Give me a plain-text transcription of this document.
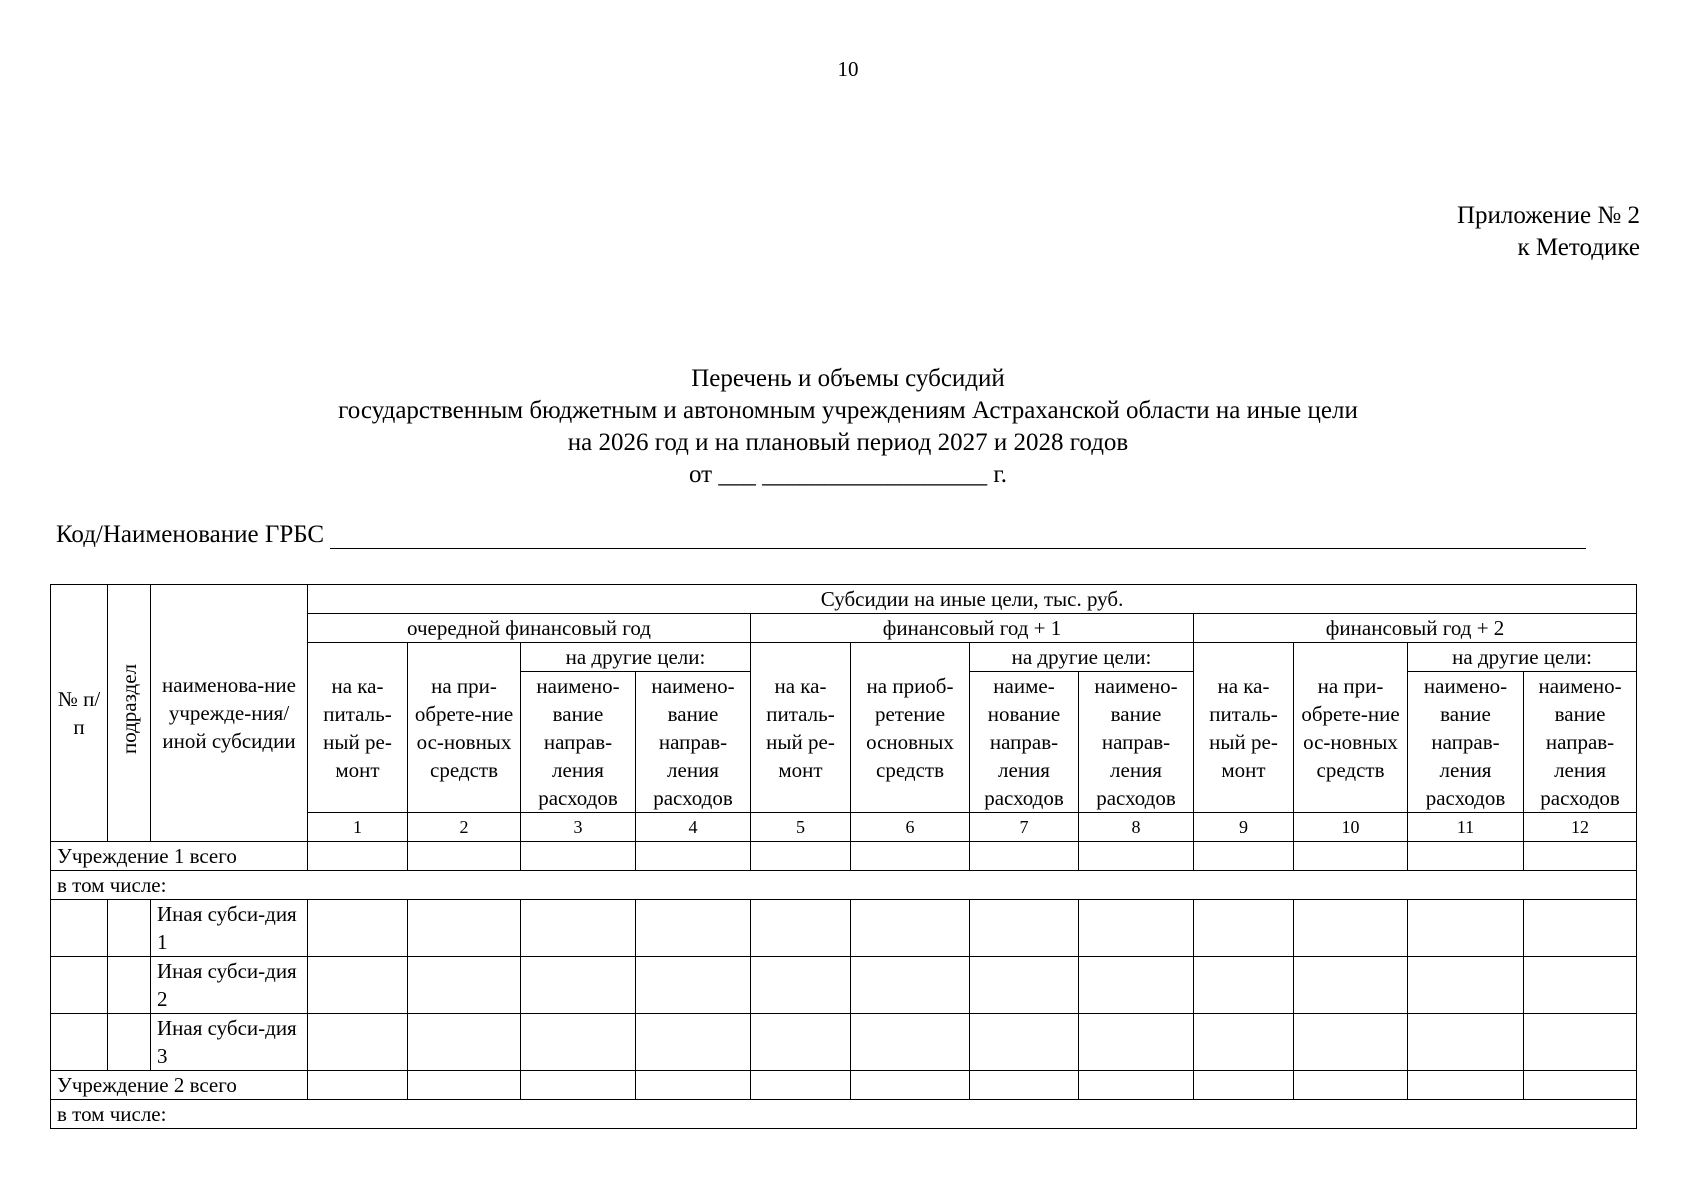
10
Приложение № 2
к Методике
Перечень и объемы субсидий
государственным бюджетным и автономным учреждениям Астраханской области на иные цели
на 2026 год и на плановый период 2027 и 2028 годов
от ___ __________________ г.
Код/Наименование ГРБС
№ п/п	подраздел	наименова-ние учрежде-ния/иной субсидии	Субсидии на иные цели, тыс. руб.												
			очередной финансовый год				финансовый год + 1				финансовый год + 2				
			на ка-питаль-ный ре-монт	на при-обрете-ние ос-новных средств	на другие цели:		на ка-питаль-ный ре-монт	на приоб-ретение основных средств	на другие цели:		на ка-питаль-ный ре-монт	на при-обрете-ние ос-новных средств	на другие цели:		
					наимено-вание направ-ления расходов	наимено-вание направ-ления расходов			наиме-нование направ-ления расходов	наимено-вание направ-ления расходов			наимено-вание направ-ления расходов	наимено-вание направ-ления расходов	
			1	2	3	4	5	6	7	8	9	10	11	12			
Учреждение 1 всего															
в том числе:															
		Иная субси-дия 1													
		Иная субси-дия 2													
		Иная субси-дия 3													
Учреждение 2 всего															
в том числе:															
